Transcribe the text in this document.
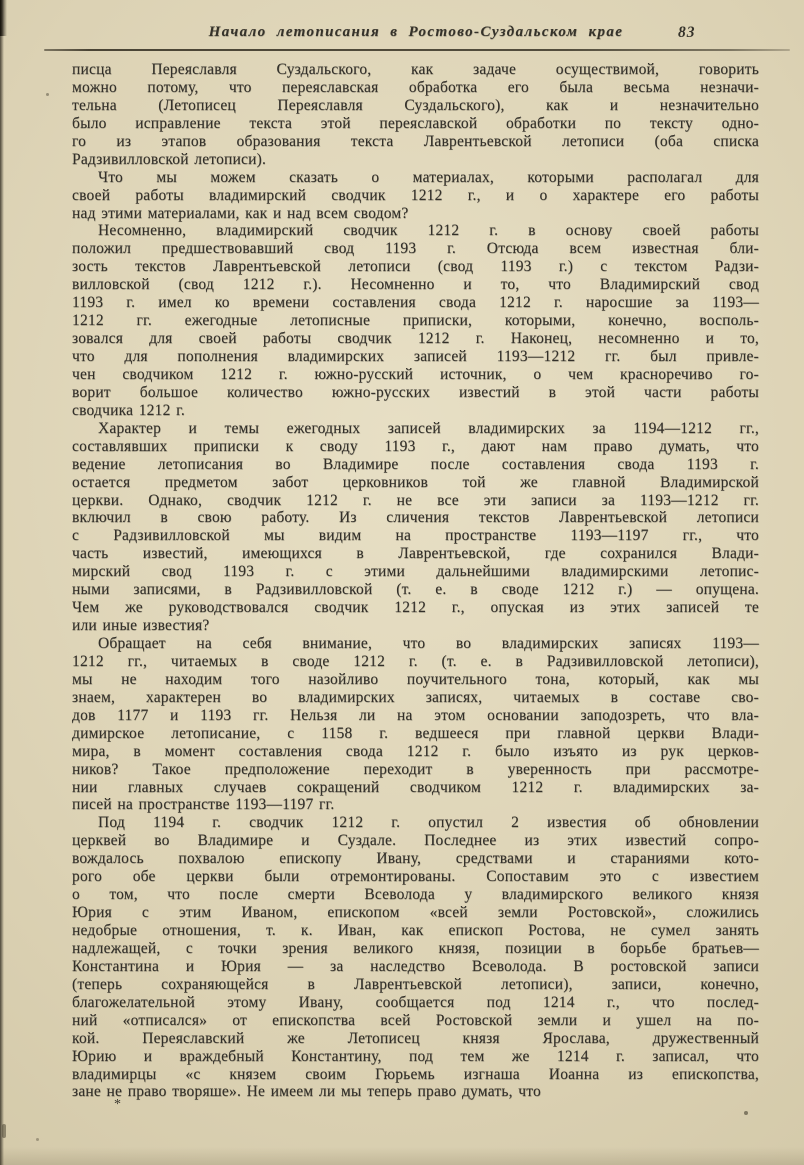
Начало летописания в Ростово-Суздальском крае	83
писца Переяславля Суздальского, как задаче осуществимой, говорить
можно потому, что переяславская обработка его была весьма незначи-
тельна (Летописец Переяславля Суздальского), как и незначительно
было исправление текста этой переяславской обработки по тексту одно-
го из этапов образования текста Лаврентьевской летописи (оба списка
Радзивилловской летописи).
Что мы можем сказать о материалах, которыми располагал для
своей работы владимирский сводчик 1212 г., и о характере его работы
над этими материалами, как и над всем сводом?
Несомненно, владимирский сводчик 1212 г. в основу своей работы
положил предшествовавший свод 1193 г. Отсюда всем известная бли-
зость текстов Лаврентьевской летописи (свод 1193 г.) с текстом Радзи-
вилловской (свод 1212 г.). Несомненно и то, что Владимирский свод
1193 г. имел ко времени составления свода 1212 г. наросшие за 1193—
1212 гг. ежегодные летописные приписки, которыми, конечно, восполь-
зовался для своей работы сводчик 1212 г. Наконец, несомненно и то,
что для пополнения владимирских записей 1193—1212 гг. был привле-
чен сводчиком 1212 г. южно-русский источник, о чем красноречиво го-
ворит большое количество южно-русских известий в этой части работы
сводчика 1212 г.
Характер и темы ежегодных записей владимирских за 1194—1212 гг.,
составлявших приписки к своду 1193 г., дают нам право думать, что
ведение летописания во Владимире после составления свода 1193 г.
остается предметом забот церковников той же главной Владимирской
церкви. Однако, сводчик 1212 г. не все эти записи за 1193—1212 гг.
включил в свою работу. Из сличения текстов Лаврентьевской летописи
с Радзивилловской мы видим на пространстве 1193—1197 гг., что
часть известий, имеющихся в Лаврентьевской, где сохранился Влади-
мирский свод 1193 г. с этими дальнейшими владимирскими летопис-
ными записями, в Радзивилловской (т. е. в своде 1212 г.) — опущена.
Чем же руководствовался сводчик 1212 г., опуская из этих записей те
или иные известия?
Обращает на себя внимание, что во владимирских записях 1193—
1212 гг., читаемых в своде 1212 г. (т. е. в Радзивилловской летописи),
мы не находим того назойливо поучительного тона, который, как мы
знаем, характерен во владимирских записях, читаемых в составе сво-
дов 1177 и 1193 гг. Нельзя ли на этом основании заподозреть, что вла-
димирское летописание, с 1158 г. ведшееся при главной церкви Влади-
мира, в момент составления свода 1212 г. было изъято из рук церков-
ников? Такое предположение переходит в уверенность при рассмотре-
нии главных случаев сокращений сводчиком 1212 г. владимирских за-
писей на пространстве 1193—1197 гг.
Под 1194 г. сводчик 1212 г. опустил 2 известия об обновлении
церквей во Владимире и Суздале. Последнее из этих известий сопро-
вождалось похвалою епископу Ивану, средствами и стараниями кото-
рого обе церкви были отремонтированы. Сопоставим это с известием
о том, что после смерти Всеволода у владимирского великого князя
Юрия с этим Иваном, епископом «всей земли Ростовской», сложились
недобрые отношения, т. к. Иван, как епископ Ростова, не сумел занять
надлежащей, с точки зрения великого князя, позиции в борьбе братьев—
Константина и Юрия — за наследство Всеволода. В ростовской записи
(теперь сохраняющейся в Лаврентьевской летописи), записи, конечно,
благожелательной этому Ивану, сообщается под 1214 г., что послед-
ний «отписался» от епископства всей Ростовской земли и ушел на по-
кой. Переяславский же Летописец князя Ярослава, дружественный
Юрию и враждебный Константину, под тем же 1214 г. записал, что
владимирцы «с князем своим Гюрьемь изгнаша Иоанна из епископства,
зане не право творяше». Не имеем ли мы теперь право думать, что
*
